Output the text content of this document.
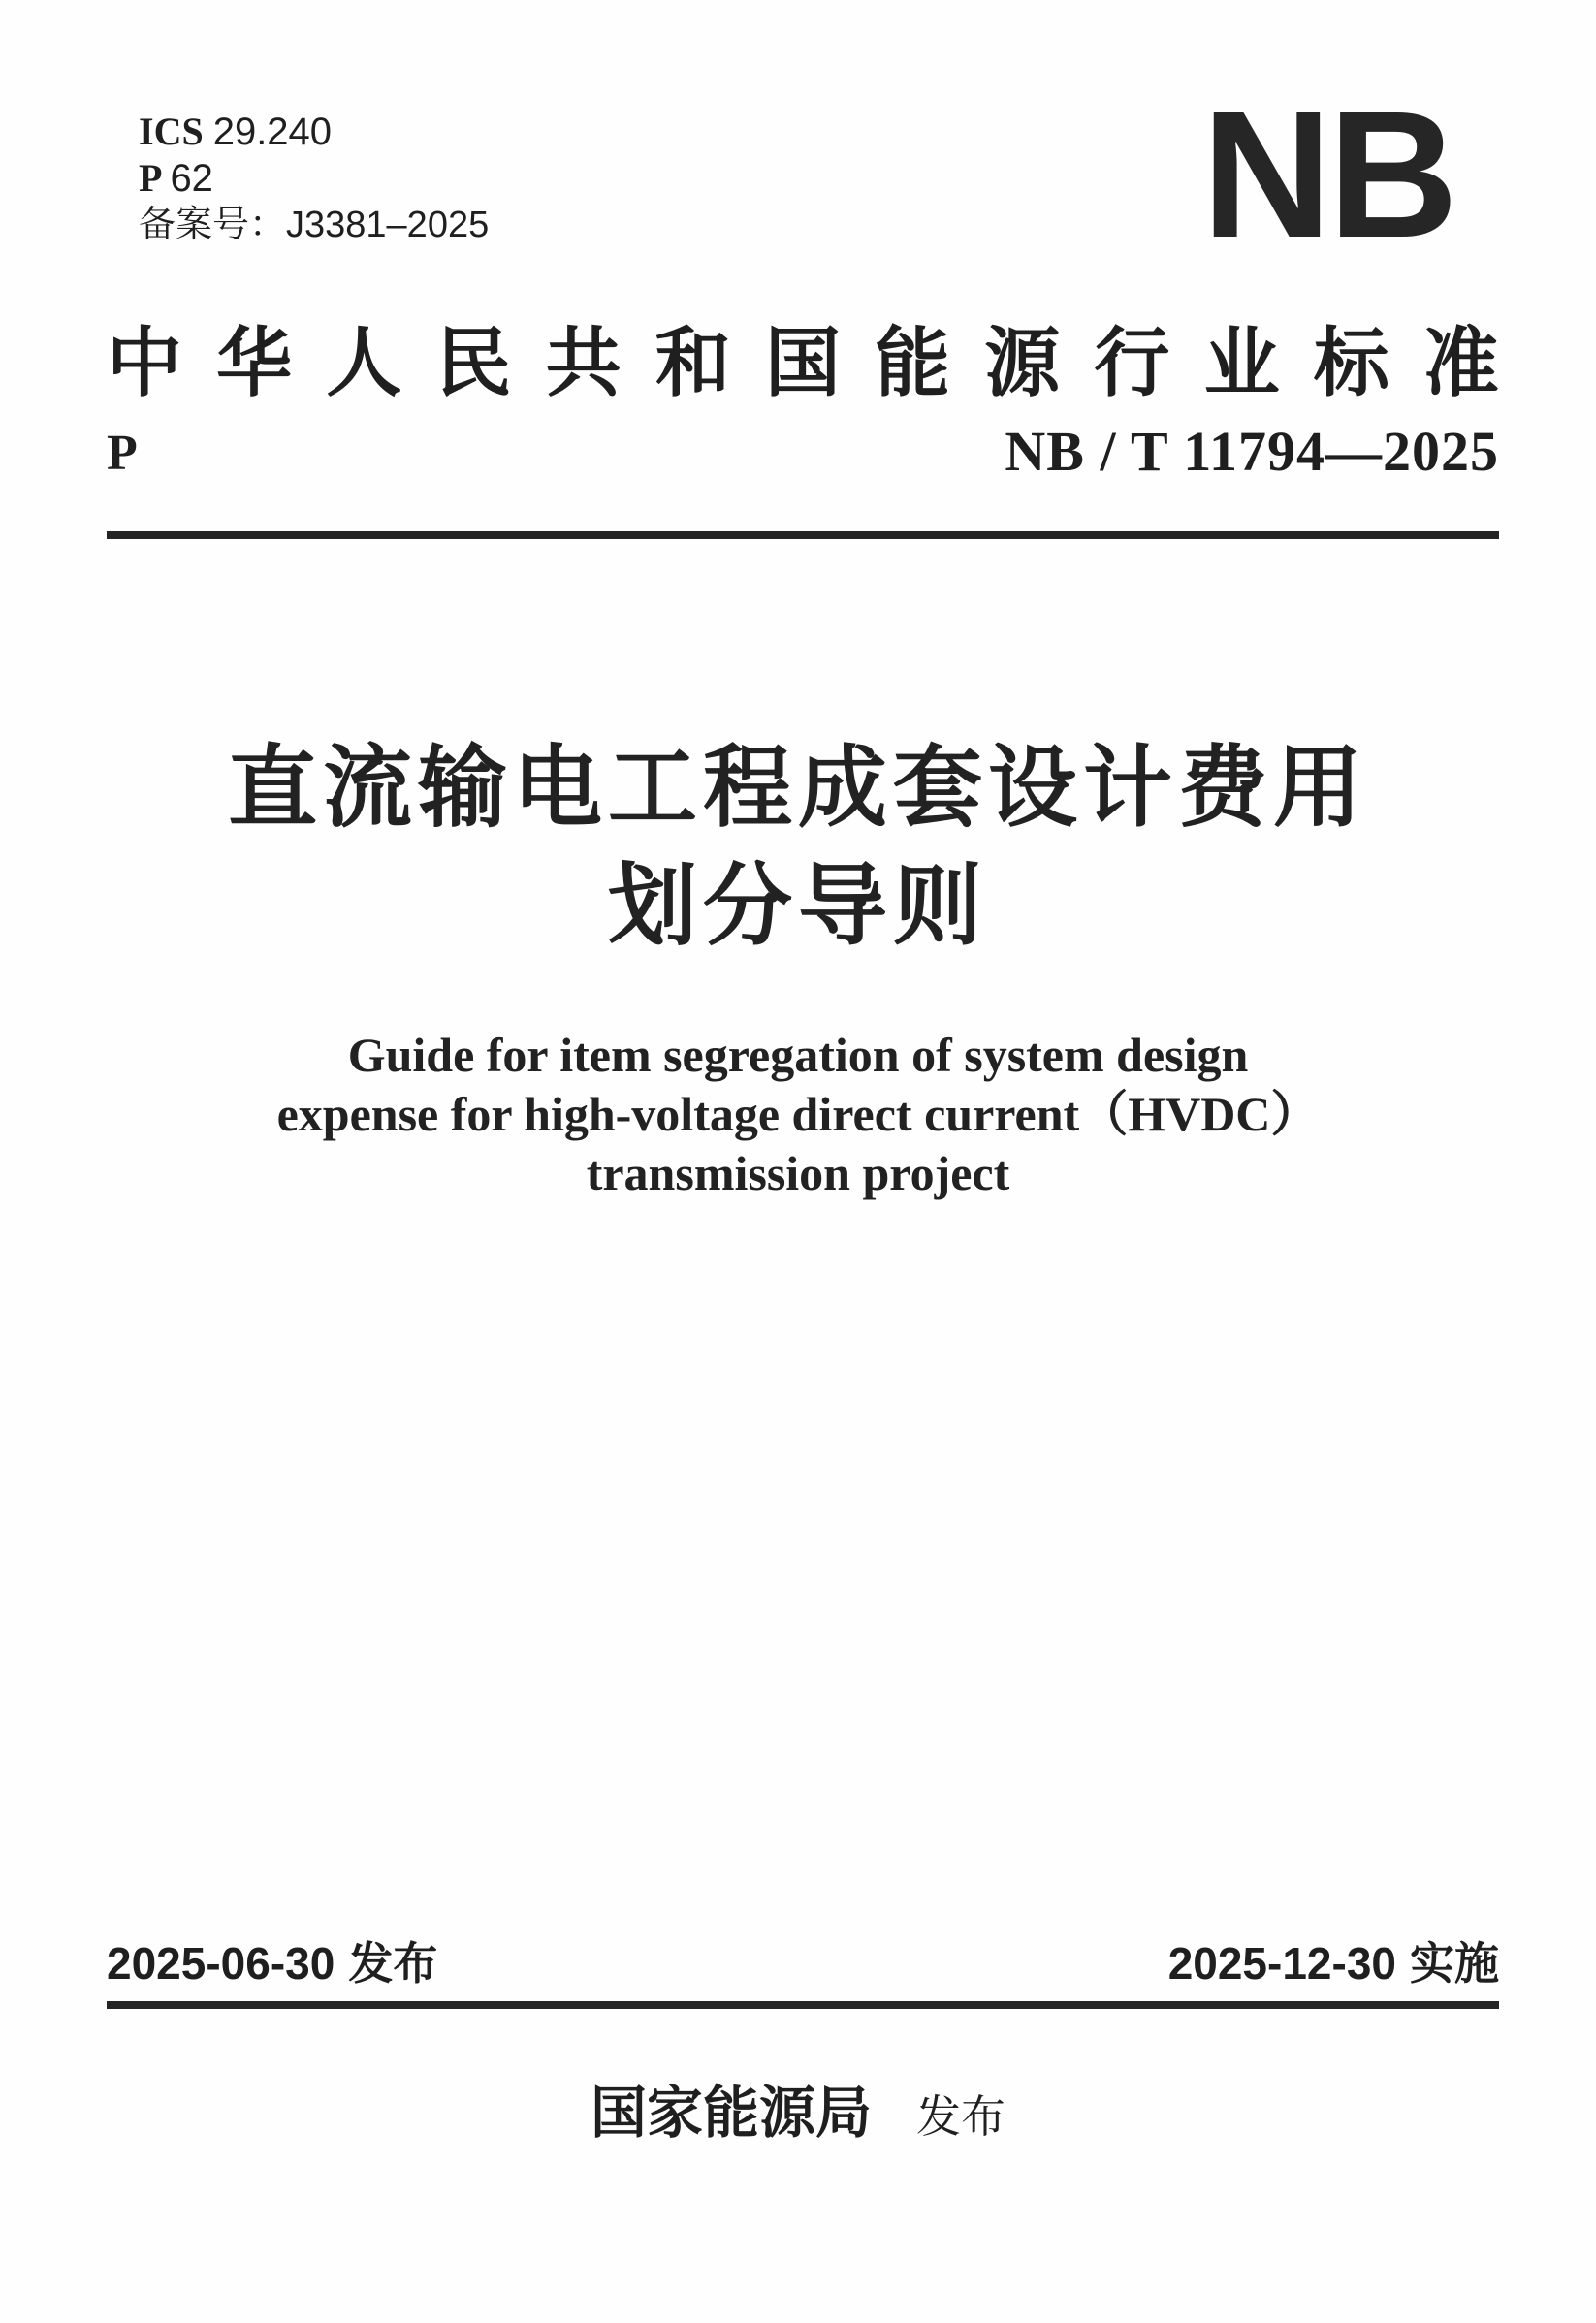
ICS 29.240
P 62
备案号：J3381–2025	NB
中 华 人 民 共 和 国 能 源 行 业 标 准
P	NB / T 11794—2025
直流输电工程成套设计费用
划分导则
Guide for item segregation of system design
expense for high-voltage direct current（HVDC）
transmission project
2025-06-30 发布	2025-12-30 实施
国家能源局 发布
